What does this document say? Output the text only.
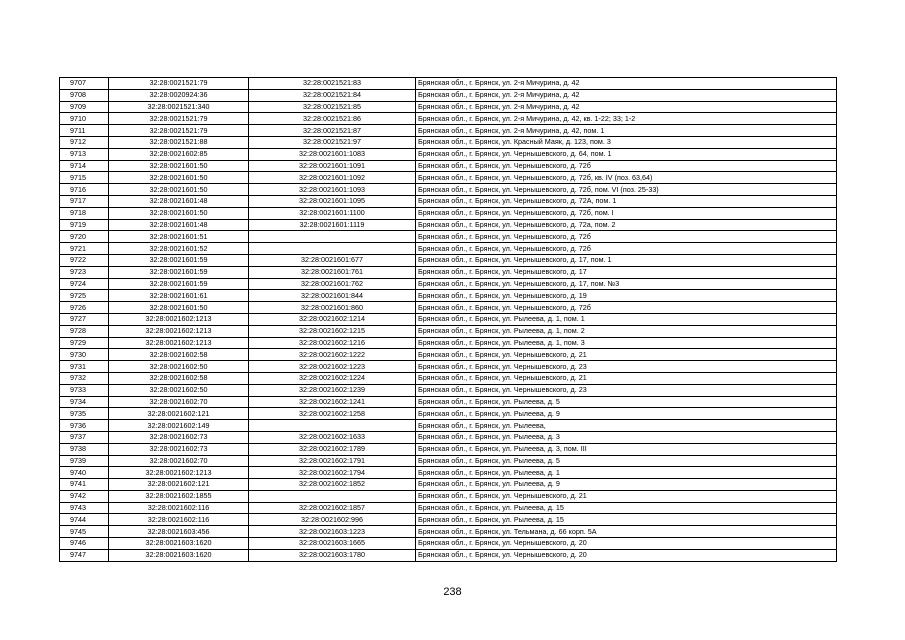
9707	32:28:0021521:79	32:28:0021521:83	Брянская обл., г. Брянск, ул. 2-я Мичурина, д. 42
9708	32:28:0020924:36	32:28:0021521:84	Брянская обл., г. Брянск, ул. 2-я Мичурина, д. 42
9709	32:28:0021521:340	32:28:0021521:85	Брянская обл., г. Брянск, ул. 2-я Мичурина, д. 42
9710	32:28:0021521:79	32:28:0021521:86	Брянская обл., г. Брянск, ул. 2-я Мичурина, д. 42, кв. 1-22; 33; 1-2
9711	32:28:0021521:79	32:28:0021521:87	Брянская обл., г. Брянск, ул. 2-я Мичурина, д. 42, пом. 1
9712	32:28:0021521:88	32:28:0021521:97	Брянская обл., г. Брянск, ул. Красный Маяк, д. 123, пом. 3
9713	32:28:0021602:85	32:28:0021601:1083	Брянская обл., г. Брянск, ул. Чернышевского, д. 64, пом. 1
9714	32:28:0021601:50	32:28:0021601:1091	Брянская обл., г. Брянск, ул. Чернышевского, д. 72б
9715	32:28:0021601:50	32:28:0021601:1092	Брянская обл., г. Брянск, ул. Чернышевского, д. 72б, кв. IV (поз. 63,64)
9716	32:28:0021601:50	32:28:0021601:1093	Брянская обл., г. Брянск, ул. Чернышевского, д. 72б, пом. VI (поз. 25-33)
9717	32:28:0021601:48	32:28:0021601:1095	Брянская обл., г. Брянск, ул. Чернышевского, д. 72А, пом. 1
9718	32:28:0021601:50	32:28:0021601:1100	Брянская обл., г. Брянск, ул. Чернышевского, д. 72б, пом. I
9719	32:28:0021601:48	32:28:0021601:1119	Брянская обл., г. Брянск, ул. Чернышевского, д. 72а, пом. 2
9720	32:28:0021601:51		Брянская обл., г. Брянск, ул. Чернышевского, д. 72б
9721	32:28:0021601:52		Брянская обл., г. Брянск, ул. Чернышевского, д. 72б
9722	32:28:0021601:59	32:28:0021601:677	Брянская обл., г. Брянск, ул. Чернышевского, д. 17, пом. 1
9723	32:28:0021601:59	32:28:0021601:761	Брянская обл., г. Брянск, ул. Чернышевского, д. 17
9724	32:28:0021601:59	32:28:0021601:762	Брянская обл., г. Брянск, ул. Чернышевского, д. 17, пом. №3
9725	32:28:0021601:61	32:28:0021601:844	Брянская обл., г. Брянск, ул. Чернышевского, д. 19
9726	32:28:0021601:50	32:28:0021601:860	Брянская обл., г. Брянск, ул. Чернышевского, д. 72б
9727	32:28:0021602:1213	32:28:0021602:1214	Брянская обл., г. Брянск, ул. Рылеева, д. 1, пом. 1
9728	32:28:0021602:1213	32:28:0021602:1215	Брянская обл., г. Брянск, ул. Рылеева, д. 1, пом. 2
9729	32:28:0021602:1213	32:28:0021602:1216	Брянская обл., г. Брянск, ул. Рылеева, д. 1, пом. 3
9730	32:28:0021602:58	32:28:0021602:1222	Брянская обл., г. Брянск, ул. Чернышевского, д. 21
9731	32:28:0021602:50	32:28:0021602:1223	Брянская обл., г. Брянск, ул. Чернышевского, д. 23
9732	32:28:0021602:58	32:28:0021602:1224	Брянская обл., г. Брянск, ул. Чернышевского, д. 21
9733	32:28:0021602:50	32:28:0021602:1239	Брянская обл., г. Брянск, ул. Чернышевского, д. 23
9734	32:28:0021602:70	32:28:0021602:1241	Брянская обл., г. Брянск, ул. Рылеева, д. 5
9735	32:28:0021602:121	32:28:0021602:1258	Брянская обл., г. Брянск, ул. Рылеева, д. 9
9736	32:28:0021602:149		Брянская обл., г. Брянск, ул. Рылеева,
9737	32:28:0021602:73	32:28:0021602:1633	Брянская обл., г. Брянск, ул. Рылеева, д. 3
9738	32:28:0021602:73	32:28:0021602:1789	Брянская обл., г. Брянск, ул. Рылеева, д. 3, пом. III
9739	32:28:0021602:70	32:28:0021602:1791	Брянская обл., г. Брянск, ул. Рылеева, д. 5
9740	32:28:0021602:1213	32:28:0021602:1794	Брянская обл., г. Брянск, ул. Рылеева, д. 1
9741	32:28:0021602:121	32:28:0021602:1852	Брянская обл., г. Брянск, ул. Рылеева, д. 9
9742	32:28:0021602:1855		Брянская обл., г. Брянск, ул. Чернышевского, д. 21
9743	32:28:0021602:116	32:28:0021602:1857	Брянская обл., г. Брянск, ул. Рылеева, д. 15
9744	32:28:0021602:116	32:28:0021602:996	Брянская обл., г. Брянск, ул. Рылеева, д. 15
9745	32:28:0021603:456	32:28:0021603:1223	Брянская обл., г. Брянск, ул. Тельмана, д. 66 корп. 5А
9746	32:28:0021603:1620	32:28:0021603:1665	Брянская обл., г. Брянск, ул. Чернышевского, д. 20
9747	32:28:0021603:1620	32:28:0021603:1780	Брянская обл., г. Брянск, ул. Чернышевского, д. 20
238
